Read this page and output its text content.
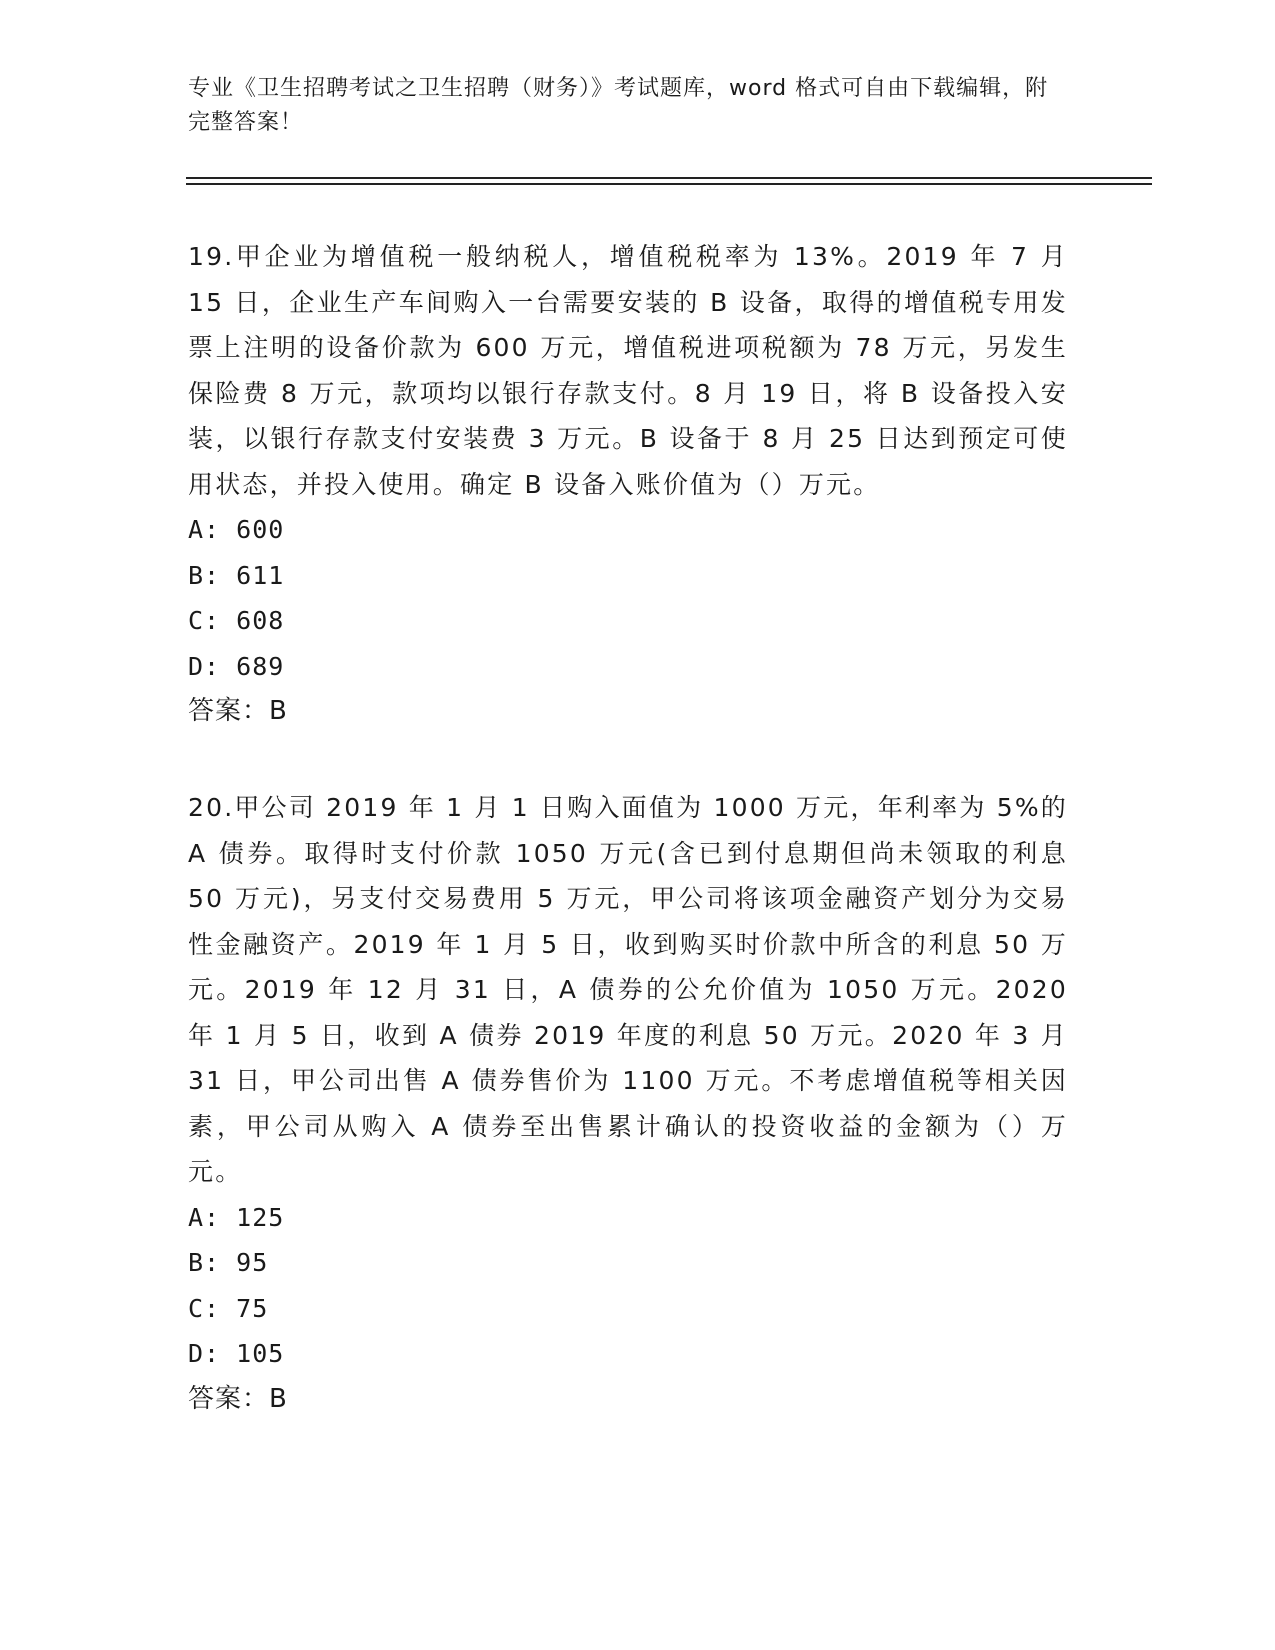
专业《卫生招聘考试之卫生招聘（财务）》考试题库，word 格式可自由下载编辑，附完整答案！

19.甲企业为增值税一般纳税人，增值税税率为 13%。2019 年 7 月 15 日，企业生产车间购入一台需要安装的 B 设备，取得的增值税专用发票上注明的设备价款为 600 万元，增值税进项税额为 78 万元，另发生保险费 8 万元，款项均以银行存款支付。8 月 19 日，将 B 设备投入安装，以银行存款支付安装费 3 万元。B 设备于 8 月 25 日达到预定可使用状态，并投入使用。确定 B 设备入账价值为（）万元。

A: 600

B: 611

C: 608

D: 689

答案：B

20.甲公司 2019 年 1 月 1 日购入面值为 1000 万元，年利率为 5%的 A 债券。取得时支付价款 1050 万元(含已到付息期但尚未领取的利息 50 万元)，另支付交易费用 5 万元，甲公司将该项金融资产划分为交易性金融资产。2019 年 1 月 5 日，收到购买时价款中所含的利息 50 万元。2019 年 12 月 31 日，A 债券的公允价值为 1050 万元。2020 年 1 月 5 日，收到 A 债券 2019 年度的利息 50 万元。2020 年 3 月 31 日，甲公司出售 A 债券售价为 1100 万元。不考虑增值税等相关因素，甲公司从购入 A 债券至出售累计确认的投资收益的金额为（）万元。

A: 125

B: 95

C: 75

D: 105

答案：B
